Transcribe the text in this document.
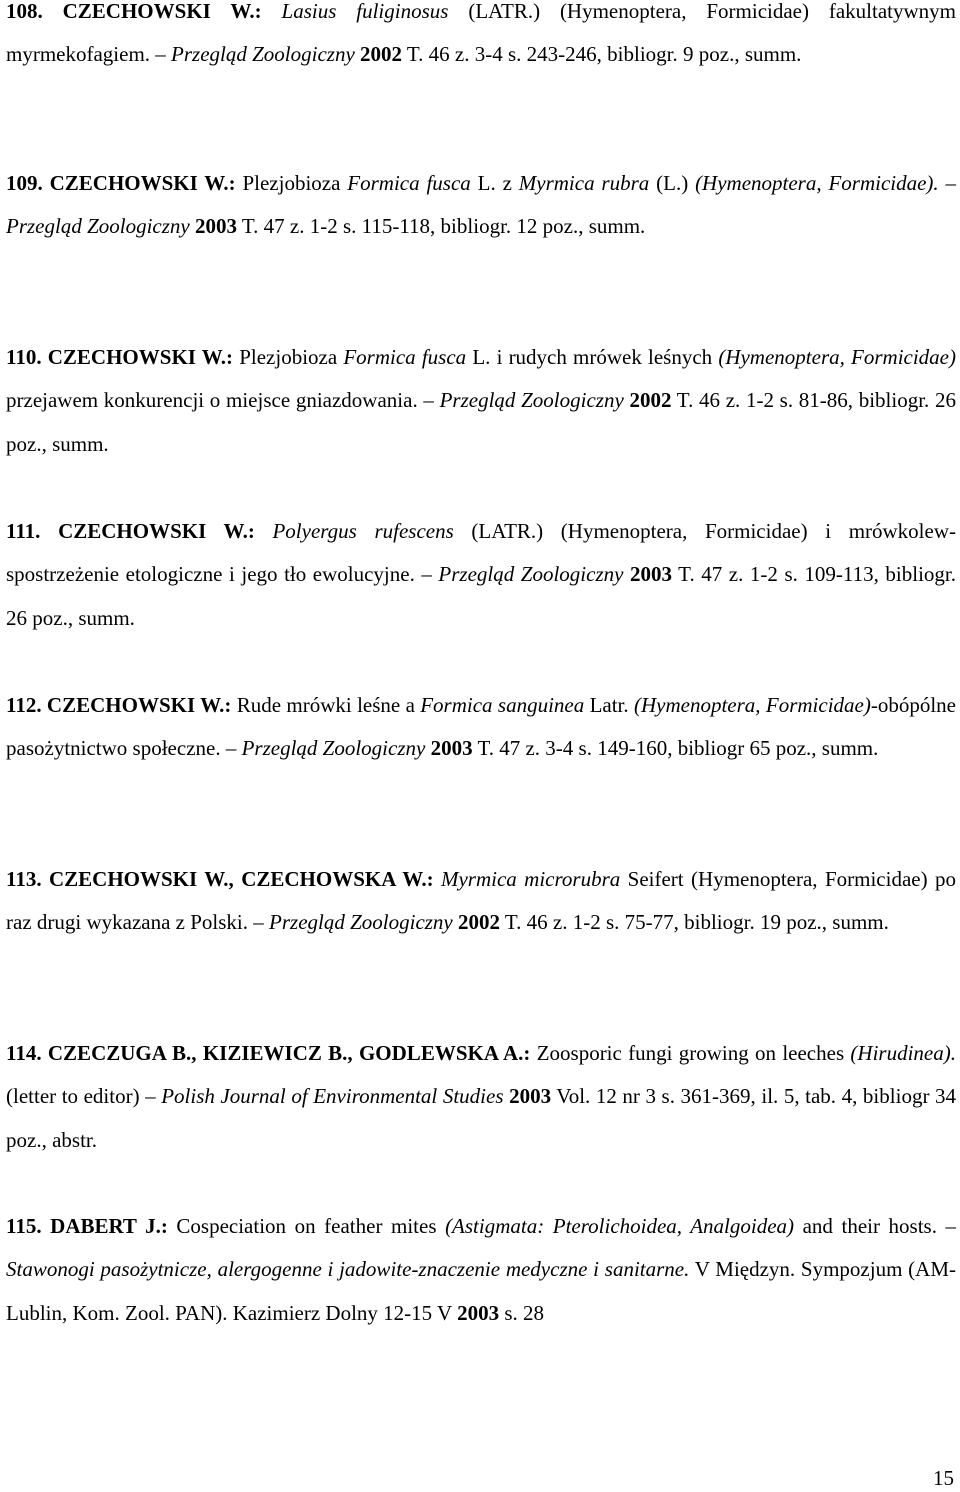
108. CZECHOWSKI W.: Lasius fuliginosus (LATR.) (Hymenoptera, Formicidae) fakultatywnym myrmekofagiem. – Przegląd Zoologiczny 2002 T. 46 z. 3-4 s. 243-246, bibliogr. 9 poz., summ.
109. CZECHOWSKI W.: Plezjobioza Formica fusca L. z Myrmica rubra (L.) (Hymenoptera, Formicidae). – Przegląd Zoologiczny 2003 T. 47 z. 1-2 s. 115-118, bibliogr. 12 poz., summ.
110. CZECHOWSKI W.: Plezjobioza Formica fusca L. i rudych mrówek leśnych (Hymenoptera, Formicidae) przejawem konkurencji o miejsce gniazdowania. – Przegląd Zoologiczny 2002 T. 46 z. 1-2 s. 81-86, bibliogr. 26 poz., summ.
111. CZECHOWSKI W.: Polyergus rufescens (LATR.) (Hymenoptera, Formicidae) i mrówkolew-spostrzeżenie etologiczne i jego tło ewolucyjne. – Przegląd Zoologiczny 2003 T. 47 z. 1-2 s. 109-113, bibliogr. 26 poz., summ.
112. CZECHOWSKI W.: Rude mrówki leśne a Formica sanguinea Latr. (Hymenoptera, Formicidae)-obópólne pasożytnictwo społeczne. – Przegląd Zoologiczny 2003 T. 47 z. 3-4 s. 149-160, bibliogr 65 poz., summ.
113. CZECHOWSKI W., CZECHOWSKA W.: Myrmica microrubra Seifert (Hymenoptera, Formicidae) po raz drugi wykazana z Polski. – Przegląd Zoologiczny 2002 T. 46 z. 1-2 s. 75-77, bibliogr. 19 poz., summ.
114. CZECZUGA B., KIZIEWICZ B., GODLEWSKA A.: Zoosporic fungi growing on leeches (Hirudinea). (letter to editor) – Polish Journal of Environmental Studies 2003 Vol. 12 nr 3 s. 361-369, il. 5, tab. 4, bibliogr 34 poz., abstr.
115. DABERT J.: Cospeciation on feather mites (Astigmata: Pterolichoidea, Analgoidea) and their hosts. – Stawonogi pasożytnicze, alergogenne i jadowite-znaczenie medyczne i sanitarne. V Międzyn. Sympozjum (AM-Lublin, Kom. Zool. PAN). Kazimierz Dolny 12-15 V 2003 s. 28
15
